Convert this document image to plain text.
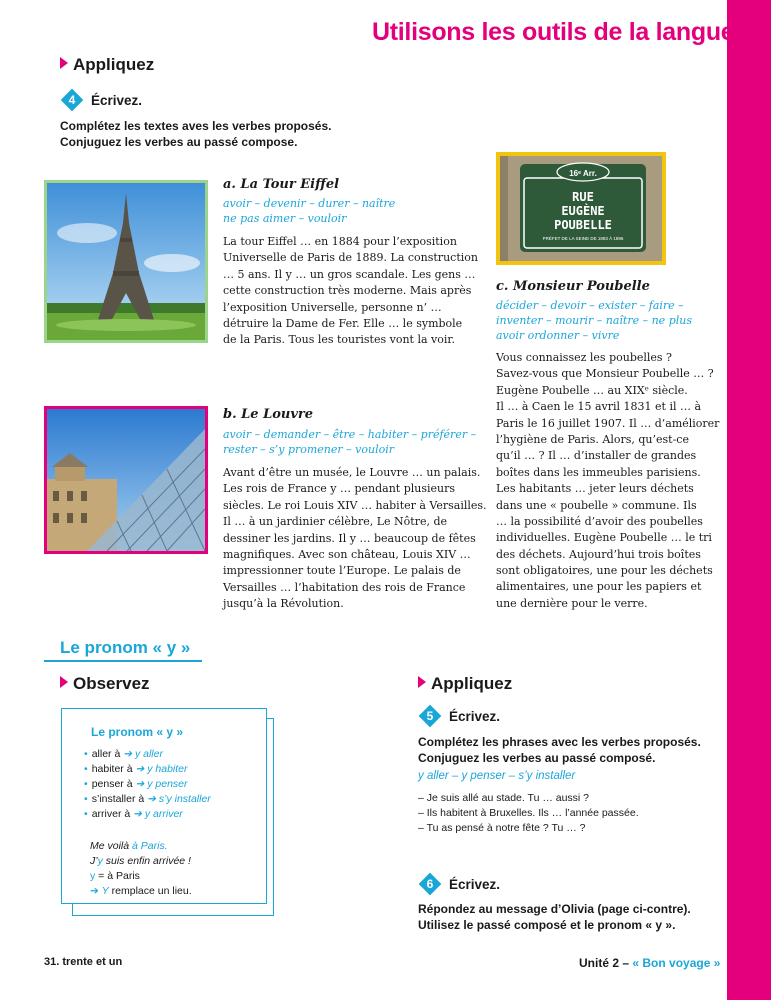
Utilisons les outils de la langue
Appliquez
4	Écrivez.
Complétez les textes aves les verbes proposés.
Conjuguez les verbes au passé compose.
a. La Tour Eiffel
avoir – devenir – durer – naître
ne pas aimer – vouloir
La tour Eiffel … en 1884 pour l’exposition
Universelle de Paris de 1889. La construction
… 5 ans. Il y … un gros scandale. Les gens …
cette construction très moderne. Mais après
l’exposition Universelle, personne n’ …
détruire la Dame de Fer. Elle … le symbole
de la Paris. Tous les touristes vont la voir.
b. Le Louvre
avoir – demander – être – habiter – préférer –
rester – s’y promener – vouloir
Avant d’être un musée, le Louvre … un palais.
Les rois de France y … pendant plusieurs
siècles. Le roi Louis XIV … habiter à Versailles.
Il … à un jardinier célèbre, Le Nôtre, de
dessiner les jardins. Il y … beaucoup de fêtes
magnifiques. Avec son château, Louis XIV …
impressionner toute l’Europe. Le palais de
Versailles … l’habitation des rois de France
jusqu’à la Révolution.
16ᵉ Arr.
RUE
EUGÈNE
POUBELLE
PRÉFET DE LA SEINE DE 1883 À 1896
c. Monsieur Poubelle
décider – devoir – exister – faire –
inventer – mourir – naître – ne plus
avoir ordonner – vivre
Vous connaissez les poubelles ?
Savez-vous que Monsieur Poubelle … ?
Eugène Poubelle … au XIXᵉ siècle.
Il … à Caen le 15 avril 1831 et il … à
Paris le 16 juillet 1907. Il … d’améliorer
l’hygiène de Paris. Alors, qu’est-ce
qu’il … ? Il … d’installer de grandes
boîtes dans les immeubles parisiens.
Les habitants … jeter leurs déchets
dans une « poubelle » commune. Ils
… la possibilité d’avoir des poubelles
individuelles. Eugène Poubelle … le tri
des déchets. Aujourd’hui trois boîtes
sont obligatoires, une pour les déchets
alimentaires, une pour les papiers et
une dernière pour le verre.
Le pronom « y »
Observez
Le pronom « y »
• aller à ➔ y aller
• habiter à ➔ y habiter
• penser à ➔ y penser
• s’installer à ➔ s’y installer
• arriver à ➔ y arriver
Me voilà à Paris.
J’y suis enfin arrivée !
y = à Paris
➔ Y remplace un lieu.
Appliquez
5	Écrivez.
Complétez les phrases avec les verbes proposés.
Conjuguez les verbes au passé composé.
y aller – y penser – s’y installer
– Je suis allé au stade. Tu … aussi ?
– Ils habitent à Bruxelles. Ils … l’année passée.
– Tu as pensé à notre fête ? Tu … ?
6	Écrivez.
Répondez au message d’Olivia (page ci-contre).
Utilisez le passé composé et le pronom « y ».
31. trente et un	Unité 2 – « Bon voyage »
